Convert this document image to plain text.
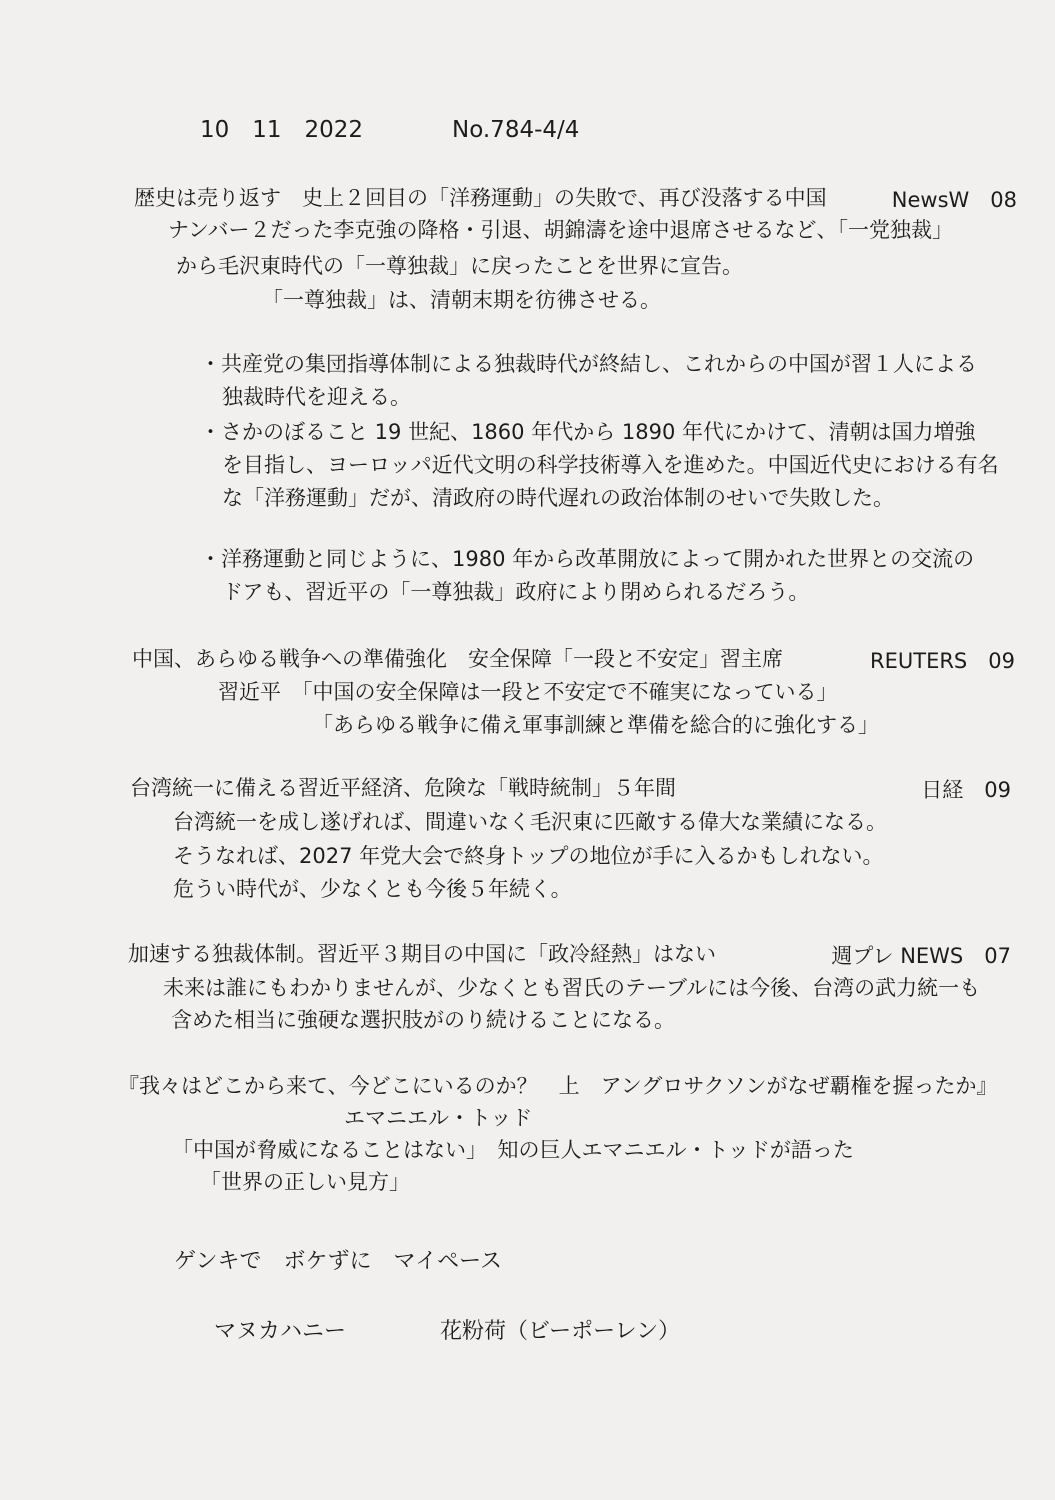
10　11　2022	No.784-4/4
歴史は売り返す　史上２回目の「洋務運動」の失敗で、再び没落する中国	NewsW　08
ナンバー２だった李克強の降格・引退、胡錦濤を途中退席させるなど、「一党独裁」
から毛沢東時代の「一尊独裁」に戻ったことを世界に宣告。
「一尊独裁」は、清朝末期を彷彿させる。
・共産党の集団指導体制による独裁時代が終結し、これからの中国が習１人による
独裁時代を迎える。
・さかのぼること 19 世紀、1860 年代から 1890 年代にかけて、清朝は国力増強
を目指し、ヨーロッパ近代文明の科学技術導入を進めた。中国近代史における有名
な「洋務運動」だが、清政府の時代遅れの政治体制のせいで失敗した。
・洋務運動と同じように、1980 年から改革開放によって開かれた世界との交流の
ドアも、習近平の「一尊独裁」政府により閉められるだろう。
中国、あらゆる戦争への準備強化　安全保障「一段と不安定」習主席	REUTERS　09
習近平　「中国の安全保障は一段と不安定で不確実になっている」
「あらゆる戦争に備え軍事訓練と準備を総合的に強化する」
台湾統一に備える習近平経済、危険な「戦時統制」５年間	日経　09
台湾統一を成し遂げれば、間違いなく毛沢東に匹敵する偉大な業績になる。
そうなれば、2027 年党大会で終身トップの地位が手に入るかもしれない。
危うい時代が、少なくとも今後５年続く。
加速する独裁体制。習近平３期目の中国に「政冷経熱」はない	週プレ NEWS　07
未来は誰にもわかりませんが、少なくとも習氏のテーブルには今後、台湾の武力統一も
含めた相当に強硬な選択肢がのり続けることになる。
『我々はどこから来て、今どこにいるのか？　上　アングロサクソンがなぜ覇権を握ったか』
エマニエル・トッド
「中国が脅威になることはない」　知の巨人エマニエル・トッドが語った
「世界の正しい見方」
ゲンキで　ボケずに　マイペース
マヌカハニー	花粉荷（ビーポーレン）
